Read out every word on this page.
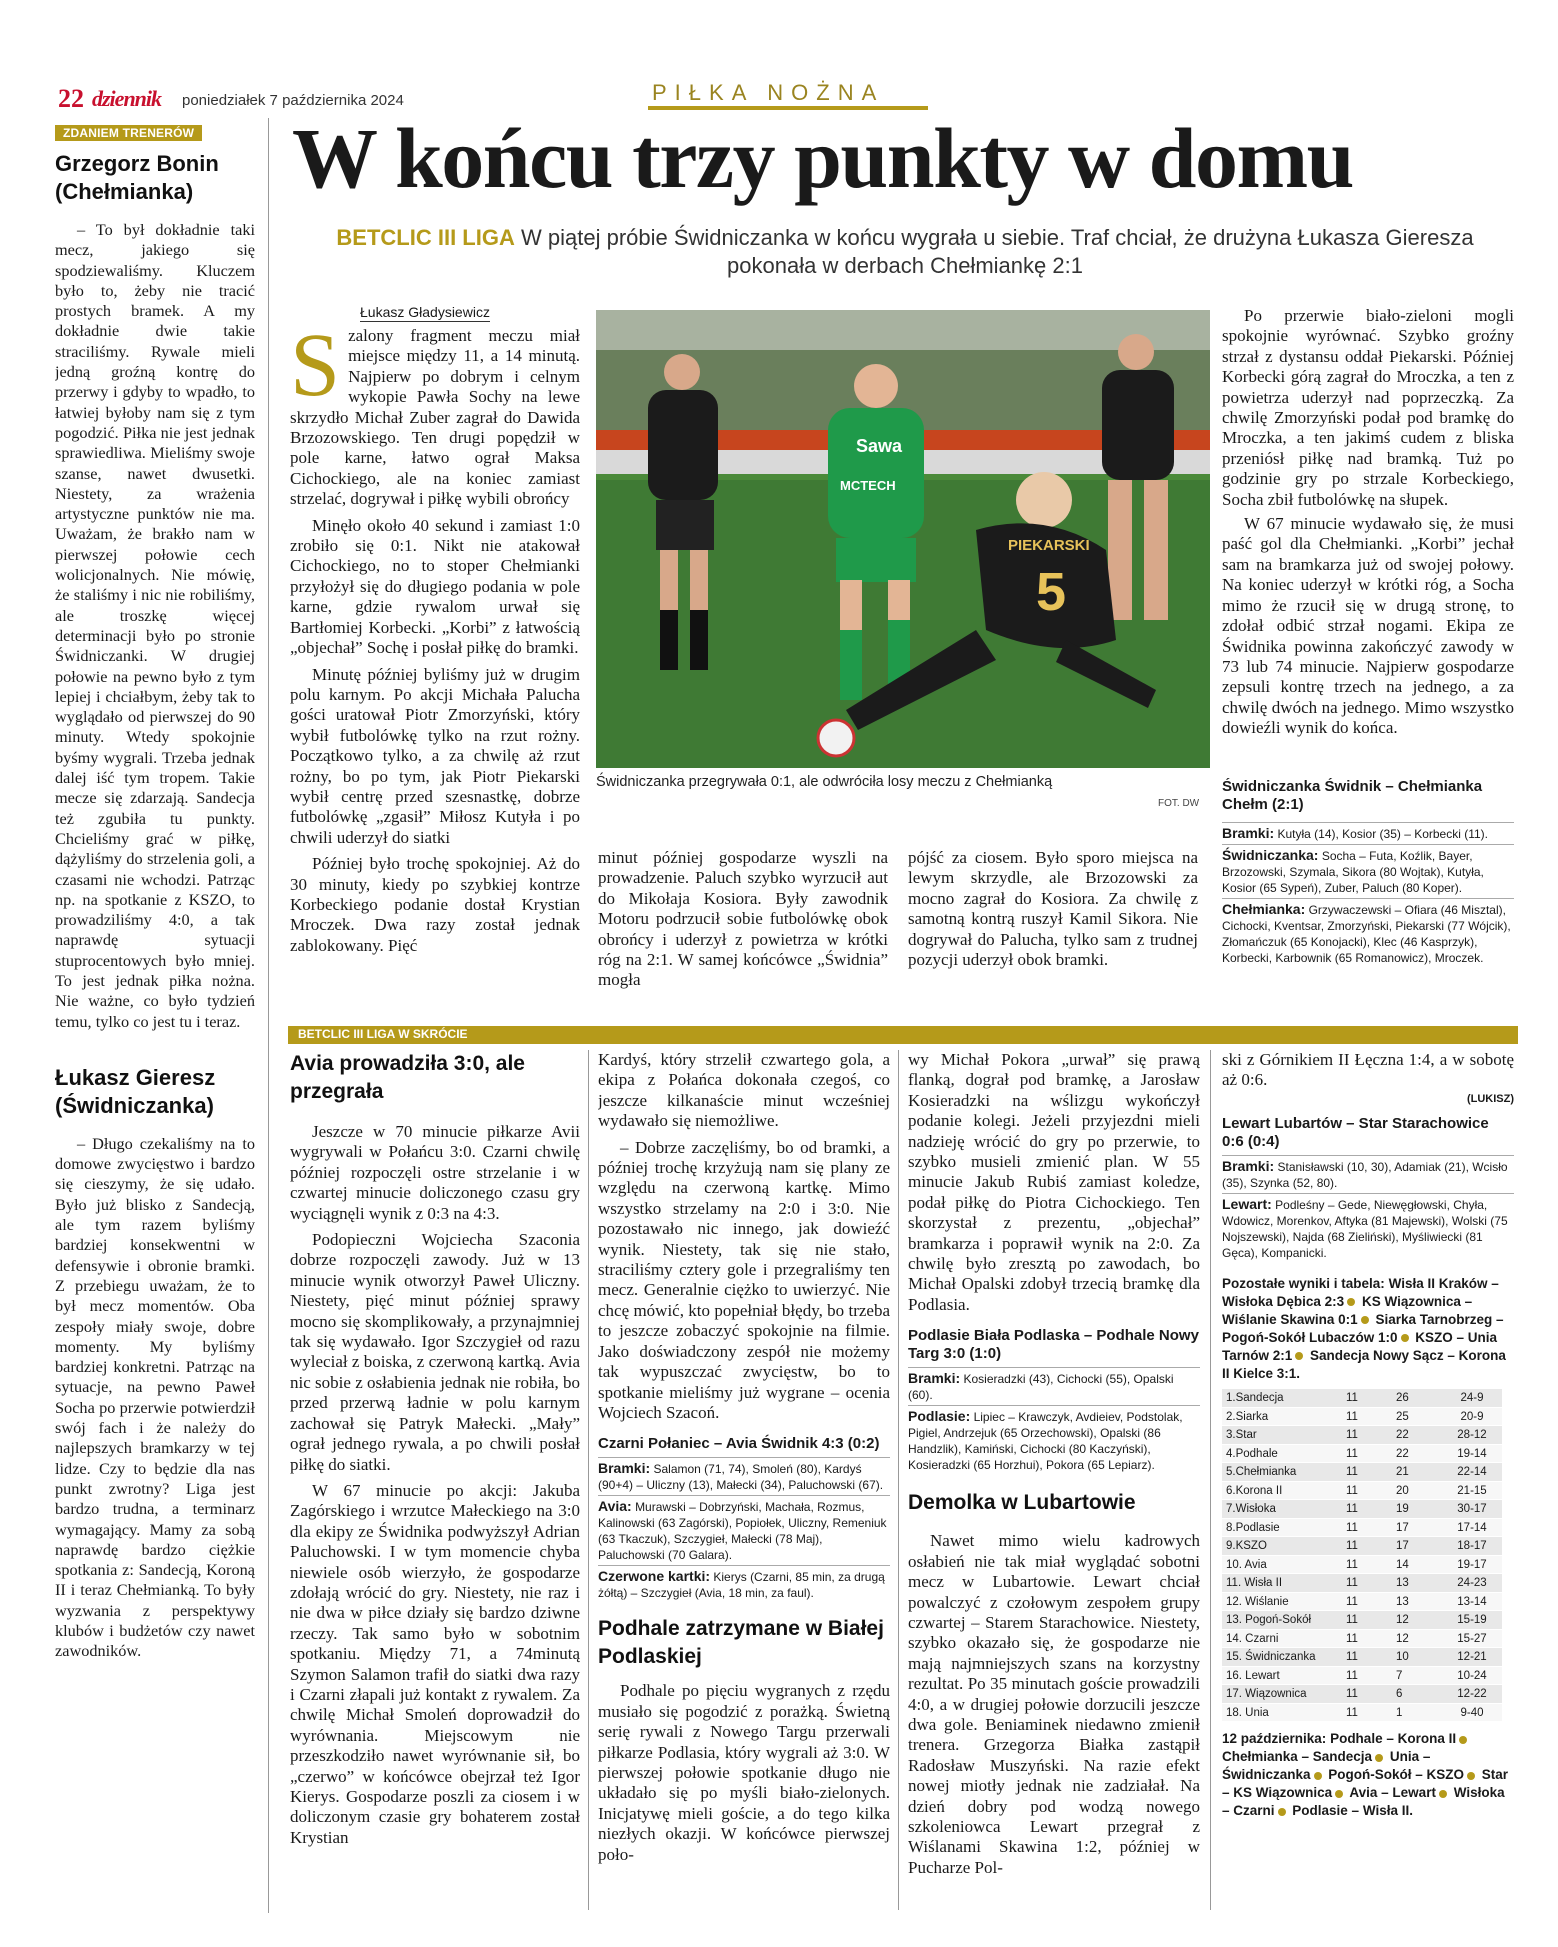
22 dziennik poniedziałek 7 października 2024	PIŁKA NOŻNA
ZDANIEM TRENERÓW
Grzegorz Bonin
(Chełmianka)

– To był dokładnie taki mecz, jakiego się spodziewaliśmy. Kluczem było to, żeby nie tracić prostych bramek. A my dokładnie dwie takie straciliśmy. Rywale mieli jedną groźną kontrę do przerwy i gdyby to wpadło, to łatwiej byłoby nam się z tym pogodzić. Piłka nie jest jednak sprawiedliwa. Mieliśmy swoje szanse, nawet dwusetki. Niestety, za wrażenia artystyczne punktów nie ma. Uważam, że brakło nam w pierwszej połowie cech wolicjonalnych. Nie mówię, że staliśmy i nic nie robiliśmy, ale troszkę więcej determinacji było po stronie Świdniczanki. W drugiej połowie na pewno było z tym lepiej i chciałbym, żeby tak to wyglądało od pierwszej do 90 minuty. Wtedy spokojnie byśmy wygrali. Trzeba jednak dalej iść tym tropem. Takie mecze się zdarzają. Sandecja też zgubiła tu punkty. Chcieliśmy grać w piłkę, dążyliśmy do strzelenia goli, a czasami nie wchodzi. Patrząc np. na spotkanie z KSZO, to prowadziliśmy 4:0, a tak naprawdę sytuacji stuprocentowych było mniej. To jest jednak piłka nożna. Nie ważne, co było tydzień temu, tylko co jest tu i teraz.

Łukasz Gieresz
(Świdniczanka)

– Długo czekaliśmy na to domowe zwycięstwo i bardzo się cieszymy, że się udało. Było już blisko z Sandecją, ale tym razem byliśmy bardziej konsekwentni w defensywie i obronie bramki. Z przebiegu uważam, że to był mecz momentów. Oba zespoły miały swoje, dobre momenty. My byliśmy bardziej konkretni. Patrząc na sytuacje, na pewno Paweł Socha po przerwie potwierdził swój fach i że należy do najlepszych bramkarzy w tej lidze. Czy to będzie dla nas punkt zwrotny? Liga jest bardzo trudna, a terminarz wymagający. Mamy za sobą naprawdę bardzo ciężkie spotkania z: Sandecją, Koroną II i teraz Chełmianką. To były wyzwania z perspektywy klubów i budżetów czy nawet zawodników.

W końcu trzy punkty w domu
BETCLIC III LIGA W piątej próbie Świdniczanka w końcu wygrała u siebie. Traf chciał, że drużyna Łukasza Gieresza pokonała w derbach Chełmiankę 2:1
Łukasz Gładysiewicz
S zalony fragment meczu miał miejsce między 11, a 14 minutą. Najpierw po dobrym i celnym wykopie Pawła Sochy na lewe skrzydło Michał Zuber zagrał do Dawida Brzozowskiego. Ten drugi popędził w pole karne, łatwo ograł Maksa Cichockiego, ale na koniec zamiast strzelać, dogrywał i piłkę wybili obrońcy

Minęło około 40 sekund i zamiast 1:0 zrobiło się 0:1. Nikt nie atakował Cichockiego, no to stoper Chełmianki przyłożył się do długiego podania w pole karne, gdzie rywalom urwał się Bartłomiej Korbecki. „Korbi” z łatwością „objechał” Sochę i posłał piłkę do bramki.

Minutę później byliśmy już w drugim polu karnym. Po akcji Michała Palucha gości uratował Piotr Zmorzyński, który wybił futbolówkę tylko na rzut rożny. Początkowo tylko, a za chwilę aż rzut rożny, bo po tym, jak Piotr Piekarski wybił centrę przed szesnastkę, dobrze futbolówkę „zgasił” Miłosz Kutyła i po chwili uderzył do siatki

Później było trochę spokojniej. Aż do 30 minuty, kiedy po szybkiej kontrze Korbeckiego podanie dostał Krystian Mroczek. Dwa razy został jednak zablokowany. Pięć

Sawa
MCTECH
PIEKARSKI
5
Świdniczanka przegrywała 0:1, ale odwróciła losy meczu z Chełmianką
FOT. DW

minut później gospodarze wyszli na prowadzenie. Paluch szybko wyrzucił aut do Mikołaja Kosiora. Były zawodnik Motoru podrzucił sobie futbolówkę obok obrońcy i uderzył z powietrza w krótki róg na 2:1. W samej końcówce „Świdnia” mogła

pójść za ciosem. Było sporo miejsca na lewym skrzydle, ale Brzozowski za mocno zagrał do Kosiora. Za chwilę z samotną kontrą ruszył Kamil Sikora. Nie dogrywał do Palucha, tylko sam z trudnej pozycji uderzył obok bramki.

Po przerwie biało-zieloni mogli spokojnie wyrównać. Szybko groźny strzał z dystansu oddał Piekarski. Później Korbecki górą zagrał do Mroczka, a ten z powietrza uderzył nad poprzeczką. Za chwilę Zmorzyński podał pod bramkę do Mroczka, a ten jakimś cudem z bliska przeniósł piłkę nad bramką. Tuż po godzinie gry po strzale Korbeckiego, Socha zbił futbolówkę na słupek.

W 67 minucie wydawało się, że musi paść gol dla Chełmianki. „Korbi” jechał sam na bramkarza już od swojej połowy. Na koniec uderzył w krótki róg, a Socha mimo że rzucił się w drugą stronę, to zdołał odbić strzał nogami. Ekipa ze Świdnika powinna zakończyć zawody w 73 lub 74 minucie. Najpierw gospodarze zepsuli kontrę trzech na jednego, a za chwilę dwóch na jednego. Mimo wszystko dowieźli wynik do końca.

Świdniczanka Świdnik – Chełmianka Chełm (2:1)
Bramki: Kutyła (14), Kosior (35) – Korbecki (11).
Świdniczanka: Socha – Futa, Koźlik, Bayer, Brzozowski, Szymala, Sikora (80 Wojtak), Kutyła, Kosior (65 Sypeń), Zuber, Paluch (80 Koper).
Chełmianka: Grzywaczewski – Ofiara (46 Misztal), Cichocki, Kventsar, Zmorzyński, Piekarski (77 Wójcik), Złomańczuk (65 Konojacki), Klec (46 Kasprzyk), Korbecki, Karbownik (65 Romanowicz), Mroczek.
BETCLIC III LIGA W SKRÓCIE
Avia prowadziła 3:0, ale przegrała

Jeszcze w 70 minucie piłkarze Avii wygrywali w Połańcu 3:0. Czarni chwilę później rozpoczęli ostre strzelanie i w czwartej minucie doliczonego czasu gry wyciągnęli wynik z 0:3 na 4:3.

Podopieczni Wojciecha Szaconia dobrze rozpoczęli zawody. Już w 13 minucie wynik otworzył Paweł Uliczny. Niestety, pięć minut później sprawy mocno się skomplikowały, a przynajmniej tak się wydawało. Igor Szczygieł od razu wyleciał z boiska, z czerwoną kartką. Avia nic sobie z osłabienia jednak nie robiła, bo przed przerwą ładnie w polu karnym zachował się Patryk Małecki. „Mały” ograł jednego rywala, a po chwili posłał piłkę do siatki.

W 67 minucie po akcji: Jakuba Zagórskiego i wrzutce Małeckiego na 3:0 dla ekipy ze Świdnika podwyższył Adrian Paluchowski. I w tym momencie chyba niewiele osób wierzyło, że gospodarze zdołają wrócić do gry. Niestety, nie raz i nie dwa w piłce działy się bardzo dziwne rzeczy. Tak samo było w sobotnim spotkaniu. Między 71, a 74minutą Szymon Salamon trafił do siatki dwa razy i Czarni złapali już kontakt z rywalem. Za chwilę Michał Smoleń doprowadził do wyrównania. Miejscowym nie przeszkodziło nawet wyrównanie sił, bo „czerwo” w końcówce obejrzał też Igor Kierys. Gospodarze poszli za ciosem i w doliczonym czasie gry bohaterem został Krystian

Kardyś, który strzelił czwartego gola, a ekipa z Połańca dokonała czegoś, co jeszcze kilkanaście minut wcześniej wydawało się niemożliwe.

– Dobrze zaczęliśmy, bo od bramki, a później trochę krzyżują nam się plany ze względu na czerwoną kartkę. Mimo wszystko strzelamy na 2:0 i 3:0. Nie pozostawało nic innego, jak dowieźć wynik. Niestety, tak się nie stało, straciliśmy cztery gole i przegraliśmy ten mecz. Generalnie ciężko to uwierzyć. Nie chcę mówić, kto popełniał błędy, bo trzeba to jeszcze zobaczyć spokojnie na filmie. Jako doświadczony zespół nie możemy tak wypuszczać zwycięstw, bo to spotkanie mieliśmy już wygrane – ocenia Wojciech Szacoń.

Czarni Połaniec – Avia Świdnik 4:3 (0:2)
Bramki: Salamon (71, 74), Smoleń (80), Kardyś (90+4) – Uliczny (13), Małecki (34), Paluchowski (67).
Avia: Murawski – Dobrzyński, Machała, Rozmus, Kalinowski (63 Zagórski), Popiołek, Uliczny, Remeniuk (63 Tkaczuk), Szczygieł, Małecki (78 Maj), Paluchowski (70 Galara).
Czerwone kartki: Kierys (Czarni, 85 min, za drugą żółtą) – Szczygieł (Avia, 18 min, za faul).
Podhale zatrzymane w Białej Podlaskiej

Podhale po pięciu wygranych z rzędu musiało się pogodzić z porażką. Świetną serię rywali z Nowego Targu przerwali piłkarze Podlasia, który wygrali aż 3:0. W pierwszej połowie spotkanie długo nie układało się po myśli biało-zielonych. Inicjatywę mieli goście, a do tego kilka niezłych okazji. W końcówce pierwszej poło-

wy Michał Pokora „urwał” się prawą flanką, dograł pod bramkę, a Jarosław Kosieradzki na wślizgu wykończył podanie kolegi. Jeżeli przyjezdni mieli nadzieję wrócić do gry po przerwie, to szybko musieli zmienić plan. W 55 minucie Jakub Rubiś zamiast koledze, podał piłkę do Piotra Cichockiego. Ten skorzystał z prezentu, „objechał” bramkarza i poprawił wynik na 2:0. Za chwilę było zresztą po zawodach, bo Michał Opalski zdobył trzecią bramkę dla Podlasia.

Podlasie Biała Podlaska – Podhale Nowy Targ 3:0 (1:0)
Bramki: Kosieradzki (43), Cichocki (55), Opalski (60).
Podlasie: Lipiec – Krawczyk, Avdieiev, Podstolak, Pigiel, Andrzejuk (65 Orzechowski), Opalski (86 Handzlik), Kamiński, Cichocki (80 Kaczyński), Kosieradzki (65 Horzhui), Pokora (65 Lepiarz).
Demolka w Lubartowie

Nawet mimo wielu kadrowych osłabień nie tak miał wyglądać sobotni mecz w Lubartowie. Lewart chciał powalczyć z czołowym zespołem grupy czwartej – Starem Starachowice. Niestety, szybko okazało się, że gospodarze nie mają najmniejszych szans na korzystny rezultat. Po 35 minutach goście prowadzili 4:0, a w drugiej połowie dorzucili jeszcze dwa gole. Beniaminek niedawno zmienił trenera. Grzegorza Białka zastąpił Radosław Muszyński. Na razie efekt nowej miotły jednak nie zadziałał. Na dzień dobry pod wodzą nowego szkoleniowca Lewart przegrał z Wiślanami Skawina 1:2, później w Pucharze Pol-

ski z Górnikiem II Łęczna 1:4, a w sobotę aż 0:6.

(LUKISZ)
Lewart Lubartów – Star Starachowice 0:6 (0:4)
Bramki: Stanisławski (10, 30), Adamiak (21), Wcisło (35), Szynka (52, 80).
Lewart: Podleśny – Gede, Niewęgłowski, Chyła, Wdowicz, Morenkov, Aftyka (81 Majewski), Wolski (75 Nojszewski), Najda (68 Zieliński), Myśliwiecki (81 Gęca), Kompanicki.
Pozostałe wyniki i tabela: Wisła II Kraków – Wisłoka Dębica 2:3 KS Wiązownica – Wiślanie Skawina 0:1 Siarka Tarnobrzeg – Pogoń-Sokół Lubaczów 1:0 KSZO – Unia Tarnów 2:1 Sandecja Nowy Sącz – Korona II Kielce 3:1.
1.Sandecja	11	26	24-9
2.Siarka	11	25	20-9
3.Star	11	22	28-12
4.Podhale	11	22	19-14
5.Chełmianka	11	21	22-14
6.Korona II	11	20	21-15
7.Wisłoka	11	19	30-17
8.Podlasie	11	17	17-14
9.KSZO	11	17	18-17
10. Avia	11	14	19-17
11. Wisła II	11	13	24-23
12. Wiślanie	11	13	13-14
13. Pogoń-Sokół	11	12	15-19
14. Czarni	11	12	15-27
15. Świdniczanka	11	10	12-21
16. Lewart	11	7	10-24
17. Wiązownica	11	6	12-22
18. Unia	11	1	9-40
12 października: Podhale – Korona II Chełmianka – Sandecja Unia – Świdniczanka Pogoń-Sokół – KSZO Star – KS Wiązownica Avia – Lewart Wisłoka – Czarni Podlasie – Wisła II.
